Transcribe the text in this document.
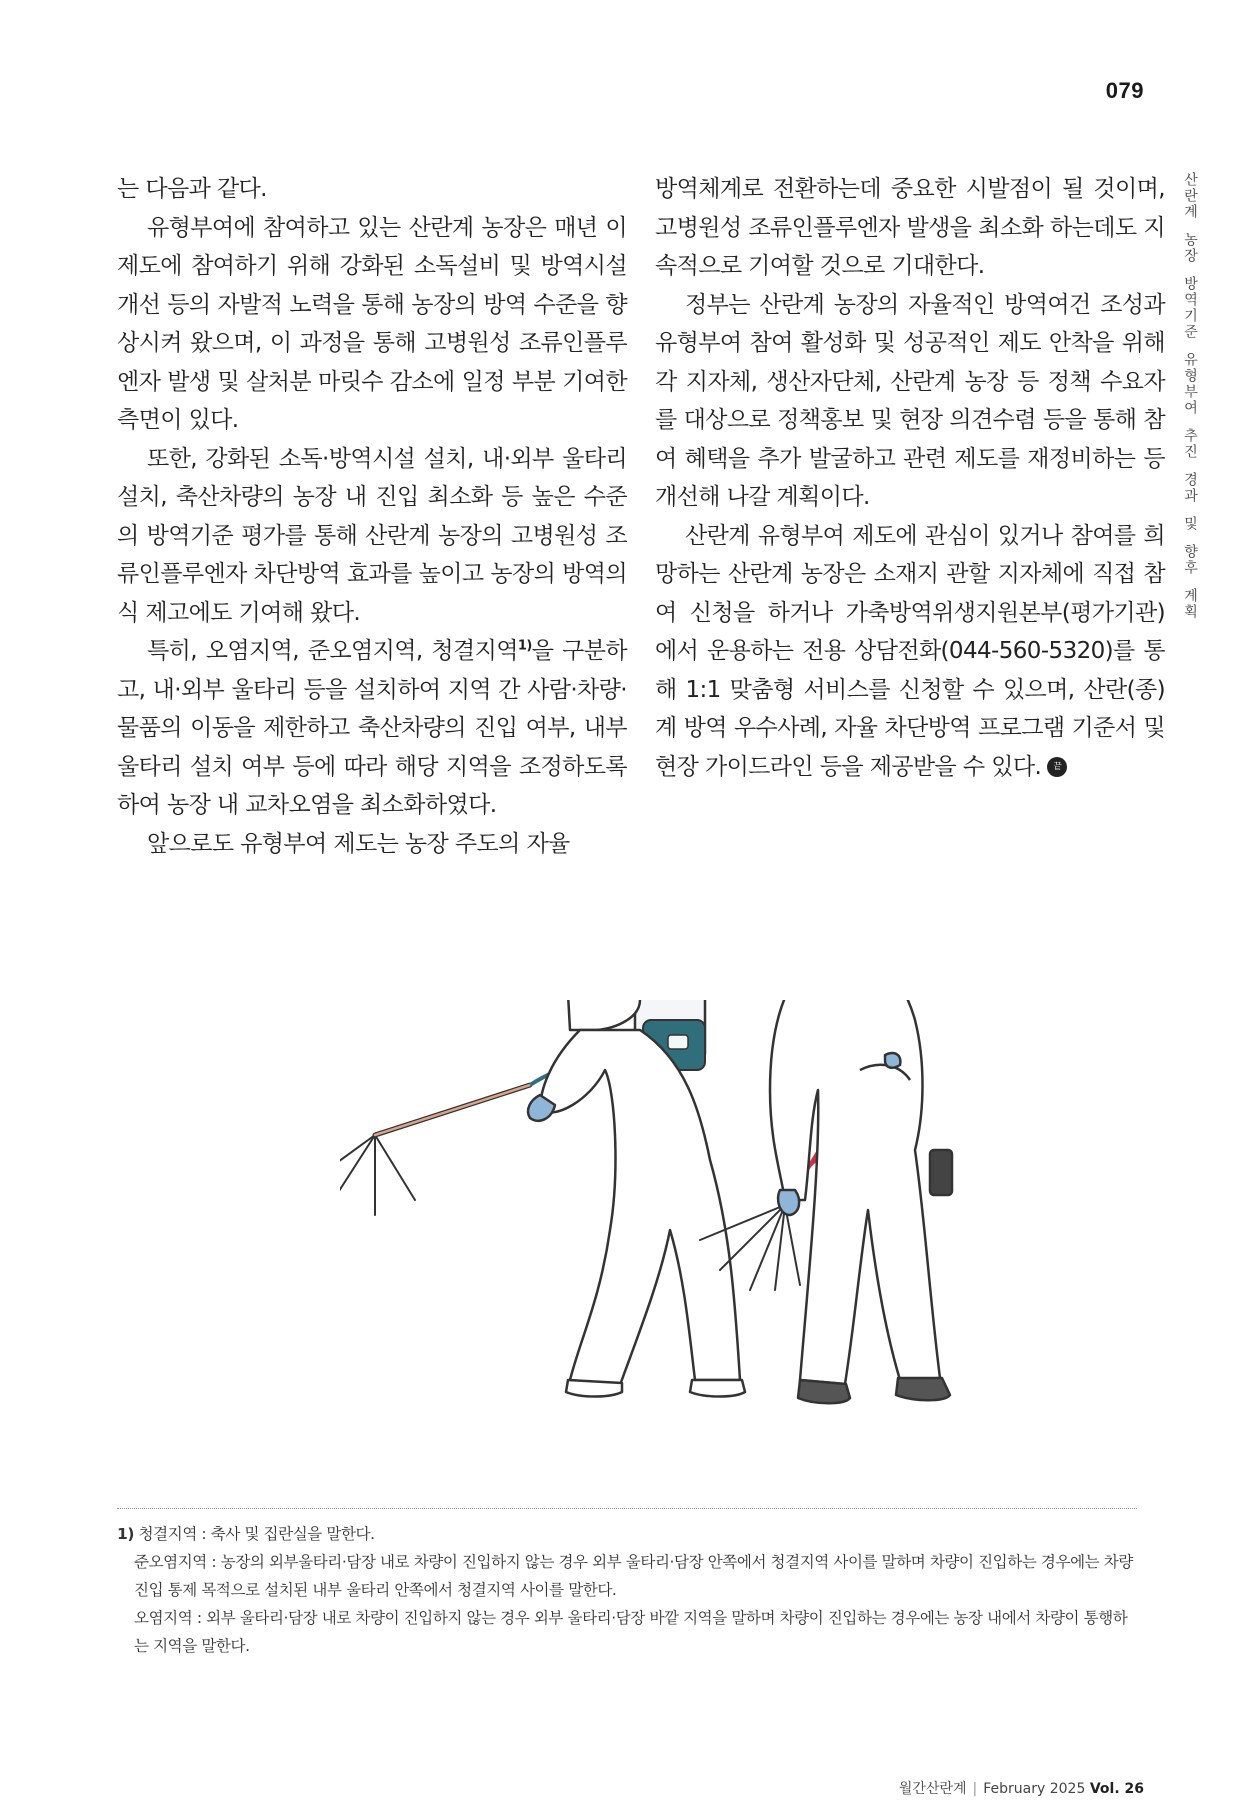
079
산란계
농장
방역기준
유형부여
추진
경과
및
향후
계획

는 다음과 같다.

유형부여에 참여하고 있는 산란계 농장은 매년 이 제도에 참여하기 위해 강화된 소독설비 및 방역시설 개선 등의 자발적 노력을 통해 농장의 방역 수준을 향상시켜 왔으며, 이 과정을 통해 고병원성 조류인플루엔자 발생 및 살처분 마릿수 감소에 일정 부분 기여한 측면이 있다.

또한, 강화된 소독·방역시설 설치, 내·외부 울타리 설치, 축산차량의 농장 내 진입 최소화 등 높은 수준의 방역기준 평가를 통해 산란계 농장의 고병원성 조류인플루엔자 차단방역 효과를 높이고 농장의 방역의식 제고에도 기여해 왔다.

특히, 오염지역, 준오염지역, 청결지역$^{1)}$을 구분하고, 내·외부 울타리 등을 설치하여 지역 간 사람·차량·물품의 이동을 제한하고 축산차량의 진입 여부, 내부 울타리 설치 여부 등에 따라 해당 지역을 조정하도록 하여 농장 내 교차오염을 최소화하였다.

앞으로도 유형부여 제도는 농장 주도의 자율

방역체계로 전환하는데 중요한 시발점이 될 것이며, 고병원성 조류인플루엔자 발생을 최소화 하는데도 지속적으로 기여할 것으로 기대한다.

정부는 산란계 농장의 자율적인 방역여건 조성과 유형부여 참여 활성화 및 성공적인 제도 안착을 위해 각 지자체, 생산자단체, 산란계 농장 등 정책 수요자를 대상으로 정책홍보 및 현장 의견수렴 등을 통해 참여 혜택을 추가 발굴하고 관련 제도를 재정비하는 등 개선해 나갈 계획이다.

산란계 유형부여 제도에 관심이 있거나 참여를 희망하는 산란계 농장은 소재지 관할 지자체에 직접 참여 신청을 하거나 가축방역위생지원본부(평가기관)에서 운용하는 전용 상담전화(044-560-5320)를 통해 1:1 맞춤형 서비스를 신청할 수 있으며, 산란(종)계 방역 우수사례, 자율 차단방역 프로그램 기준서 및 현장 가이드라인 등을 제공받을 수 있다. 끝

1) 청결지역 : 축사 및 집란실을 말한다.

준오염지역 : 농장의 외부울타리·담장 내로 차량이 진입하지 않는 경우 외부 울타리·담장 안쪽에서 청결지역 사이를 말하며 차량이 진입하는 경우에는 차량 진입 통제 목적으로 설치된 내부 울타리 안쪽에서 청결지역 사이를 말한다.

오염지역 : 외부 울타리·담장 내로 차량이 진입하지 않는 경우 외부 울타리·담장 바깥 지역을 말하며 차량이 진입하는 경우에는 농장 내에서 차량이 통행하는 지역을 말한다.

월간산란계 | February 2025 Vol. 26
